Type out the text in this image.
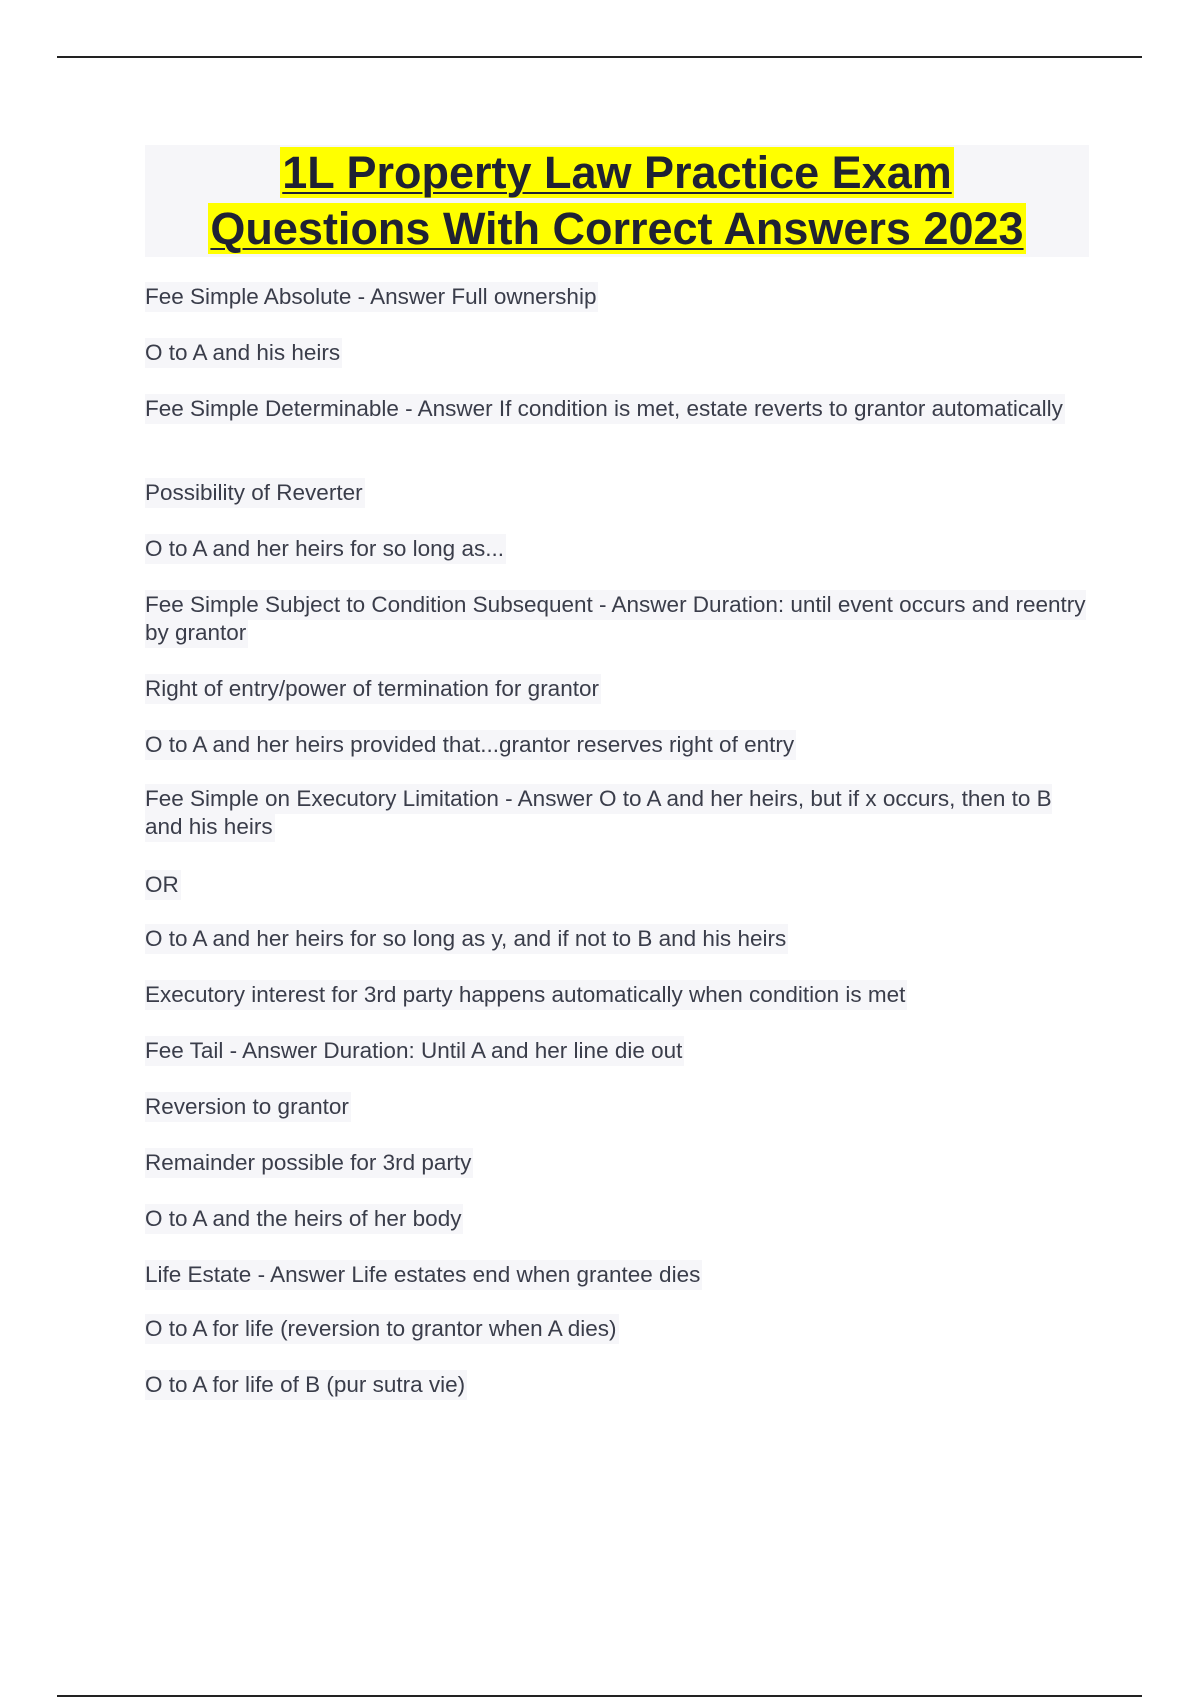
1L Property Law Practice Exam
Questions With Correct Answers 2023
Fee Simple Absolute - Answer Full ownership
O to A and his heirs
Fee Simple Determinable - Answer If condition is met, estate reverts to grantor automatically
Possibility of Reverter
O to A and her heirs for so long as...
Fee Simple Subject to Condition Subsequent - Answer Duration: until event occurs and reentry by grantor
Right of entry/power of termination for grantor
O to A and her heirs provided that...grantor reserves right of entry
Fee Simple on Executory Limitation - Answer O to A and her heirs, but if x occurs, then to B and his heirs
OR
O to A and her heirs for so long as y, and if not to B and his heirs
Executory interest for 3rd party happens automatically when condition is met
Fee Tail - Answer Duration: Until A and her line die out
Reversion to grantor
Remainder possible for 3rd party
O to A and the heirs of her body
Life Estate - Answer Life estates end when grantee dies
O to A for life (reversion to grantor when A dies)
O to A for life of B (pur sutra vie)
